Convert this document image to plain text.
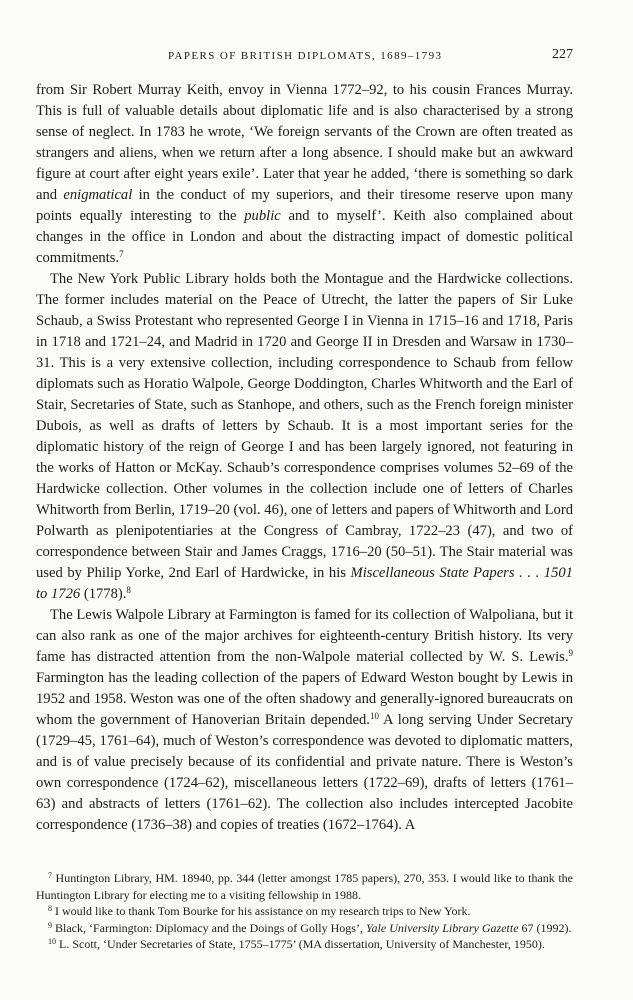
PAPERS OF BRITISH DIPLOMATS, 1689–1793	227

from Sir Robert Murray Keith, envoy in Vienna 1772–92, to his cousin Frances Murray. This is full of valuable details about diplomatic life and is also characterised by a strong sense of neglect. In 1783 he wrote, ‘We foreign servants of the Crown are often treated as strangers and aliens, when we return after a long absence. I should make but an awkward figure at court after eight years exile’. Later that year he added, ‘there is something so dark and enigmatical in the conduct of my superiors, and their tiresome reserve upon many points equally interesting to the public and to myself’. Keith also complained about changes in the office in London and about the distracting impact of domestic political commitments.$^7$

The New York Public Library holds both the Montague and the Hardwicke collections. The former includes material on the Peace of Utrecht, the latter the papers of Sir Luke Schaub, a Swiss Protestant who represented George I in Vienna in 1715–16 and 1718, Paris in 1718 and 1721–24, and Madrid in 1720 and George II in Dresden and Warsaw in 1730–31. This is a very extensive collection, including correspondence to Schaub from fellow diplomats such as Horatio Walpole, George Doddington, Charles Whitworth and the Earl of Stair, Secretaries of State, such as Stanhope, and others, such as the French foreign minister Dubois, as well as drafts of letters by Schaub. It is a most important series for the diplomatic history of the reign of George I and has been largely ignored, not featuring in the works of Hatton or McKay. Schaub’s correspondence comprises volumes 52–69 of the Hardwicke collection. Other volumes in the collection include one of letters of Charles Whitworth from Berlin, 1719–20 (vol. 46), one of letters and papers of Whitworth and Lord Polwarth as plenipotentiaries at the Congress of Cambray, 1722–23 (47), and two of correspondence between Stair and James Craggs, 1716–20 (50–51). The Stair material was used by Philip Yorke, 2nd Earl of Hardwicke, in his Miscellaneous State Papers . . . 1501 to 1726 (1778).$^8$

The Lewis Walpole Library at Farmington is famed for its collection of Walpoliana, but it can also rank as one of the major archives for eighteenth-century British history. Its very fame has distracted attention from the non-Walpole material collected by W. S. Lewis.$^9$ Farmington has the leading collection of the papers of Edward Weston bought by Lewis in 1952 and 1958. Weston was one of the often shadowy and generally-ignored bureaucrats on whom the government of Hanoverian Britain depended.$^{10}$ A long serving Under Secretary (1729–45, 1761–64), much of Weston’s correspondence was devoted to diplomatic matters, and is of value precisely because of its confidential and private nature. There is Weston’s own correspondence (1724–62), miscellaneous letters (1722–69), drafts of letters (1761–63) and abstracts of letters (1761–62). The collection also includes intercepted Jacobite correspondence (1736–38) and copies of treaties (1672–1764). A

$^7$ Huntington Library, HM. 18940, pp. 344 (letter amongst 1785 papers), 270, 353. I would like to thank the Huntington Library for electing me to a visiting fellowship in 1988.

$^8$ I would like to thank Tom Bourke for his assistance on my research trips to New York.

$^9$ Black, ‘Farmington: Diplomacy and the Doings of Golly Hogs’, Yale University Library Gazette 67 (1992).

$^{10}$ L. Scott, ‘Under Secretaries of State, 1755–1775’ (MA dissertation, University of Manchester, 1950).
